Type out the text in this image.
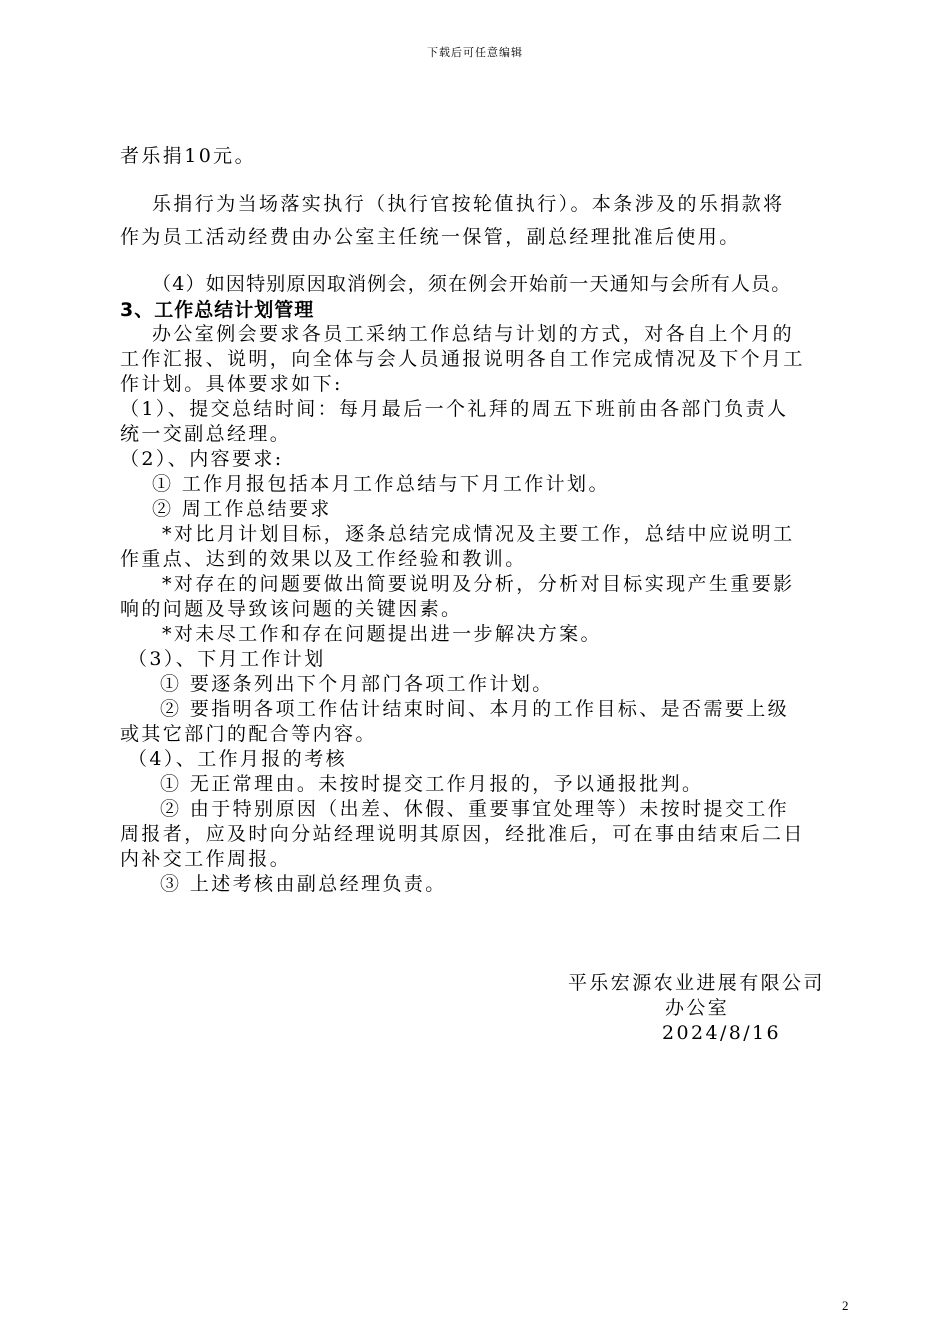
下载后可任意编辑
者乐捐10元。
乐捐行为当场落实执行（执行官按轮值执行）。本条涉及的乐捐款将
作为员工活动经费由办公室主任统一保管，副总经理批准后使用。
（4）如因特别原因取消例会，须在例会开始前一天通知与会所有人员。
3、工作总结计划管理
办公室例会要求各员工采纳工作总结与计划的方式，对各自上个月的
工作汇报、说明，向全体与会人员通报说明各自工作完成情况及下个月工
作计划。具体要求如下:
（1）、提交总结时间：每月最后一个礼拜的周五下班前由各部门负责人
统一交副总经理。
（2）、内容要求:
① 工作月报包括本月工作总结与下月工作计划。
② 周工作总结要求
*对比月计划目标，逐条总结完成情况及主要工作，总结中应说明工
作重点、达到的效果以及工作经验和教训。
*对存在的问题要做出简要说明及分析，分析对目标实现产生重要影
响的问题及导致该问题的关键因素。
*对未尽工作和存在问题提出进一步解决方案。
（3）、下月工作计划
① 要逐条列出下个月部门各项工作计划。
② 要指明各项工作估计结束时间、本月的工作目标、是否需要上级
或其它部门的配合等内容。
（4）、工作月报的考核
① 无正常理由。未按时提交工作月报的，予以通报批判。
② 由于特别原因（出差、休假、重要事宜处理等）未按时提交工作
周报者，应及时向分站经理说明其原因，经批准后，可在事由结束后二日
内补交工作周报。
③ 上述考核由副总经理负责。
平乐宏源农业进展有限公司
办公室
2024/8/16
2
